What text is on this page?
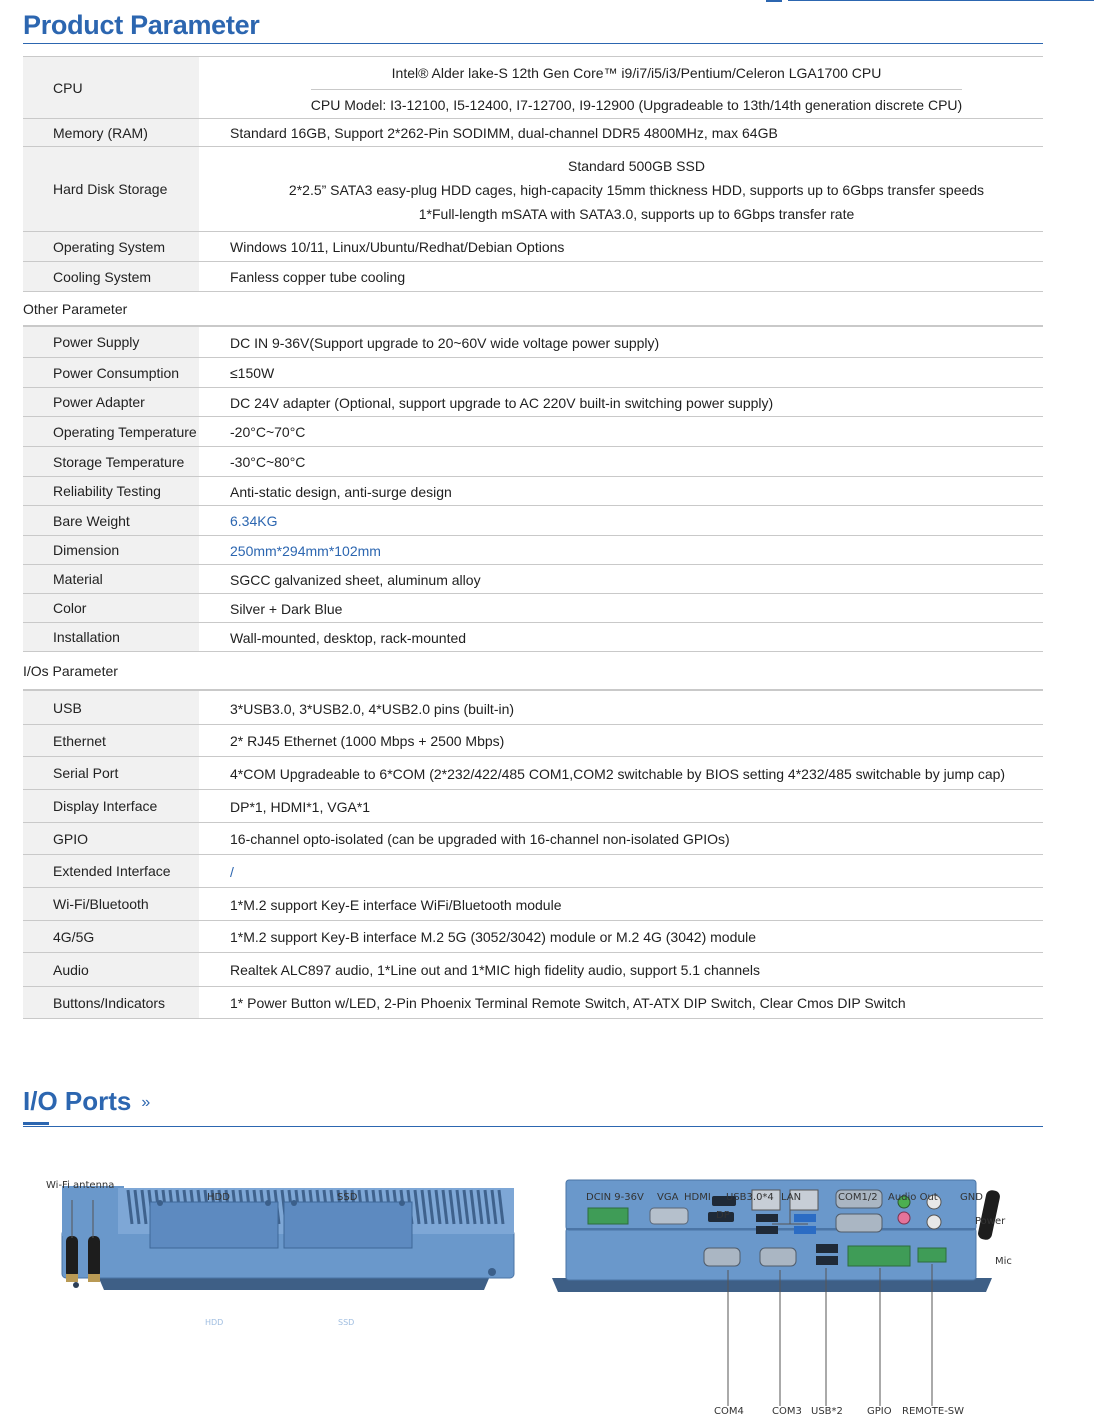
Product Parameter
CPU
Intel® Alder lake-S 12th Gen Core™ i9/i7/i5/i3/Pentium/Celeron LGA1700 CPU
CPU Model: I3-12100, I5-12400, I7-12700, I9-12900 (Upgradeable to 13th/14th generation discrete CPU)
Memory (RAM)	Standard 16GB, Support 2*262-Pin SODIMM, dual-channel DDR5 4800MHz, max 64GB
Hard Disk Storage
Standard 500GB SSD
2*2.5” SATA3 easy-plug HDD cages, high-capacity 15mm thickness HDD, supports up to 6Gbps transfer speeds
1*Full-length mSATA with SATA3.0, supports up to 6Gbps transfer rate
Operating System	Windows 10/11, Linux/Ubuntu/Redhat/Debian Options
Cooling System	Fanless copper tube cooling
Other Parameter
Power Supply	DC IN 9-36V(Support upgrade to 20~60V wide voltage power supply)
Power Consumption	≤150W
Power Adapter	DC 24V adapter (Optional, support upgrade to AC 220V built-in switching power supply)
Operating Temperature -20°C~70°C
Storage Temperature	-30°C~80°C
Reliability Testing	Anti-static design, anti-surge design
Bare Weight	6.34KG
Dimension	250mm*294mm*102mm
Material	SGCC galvanized sheet, aluminum alloy
Color	Silver + Dark Blue
Installation	Wall-mounted, desktop, rack-mounted
I/Os Parameter
USB	3*USB3.0, 3*USB2.0, 4*USB2.0 pins (built-in)
Ethernet	2* RJ45 Ethernet (1000 Mbps + 2500 Mbps)
Serial Port	4*COM Upgradeable to 6*COM (2*232/422/485 COM1,COM2 switchable by BIOS setting 4*232/485 switchable by jump cap)
Display Interface	DP*1, HDMI*1, VGA*1
GPIO	16-channel opto-isolated (can be upgraded with 16-channel non-isolated GPIOs)
Extended Interface	/
Wi-Fi/Bluetooth	1*M.2 support Key-E interface WiFi/Bluetooth module
4G/5G	1*M.2 support Key-B interface M.2 5G (3052/3042) module or M.2 4G (3042) module
Audio	Realtek ALC897 audio, 1*Line out and 1*MIC high fidelity audio, support 5.1 channels
Buttons/Indicators	1* Power Button w/LED, 2-Pin Phoenix Terminal Remote Switch, AT-ATX DIP Switch, Clear Cmos DIP Switch
I/O Ports »
Wi-Fi antenna
HDD	SSD
HDD	SSD
DCIN 9-36V VGA HDMI
DP
USB3.0*4 LAN	COM1/2 Audio Out GND
Power
Mic
COM4	COM3 USB*2 GPIO REMOTE-SW
